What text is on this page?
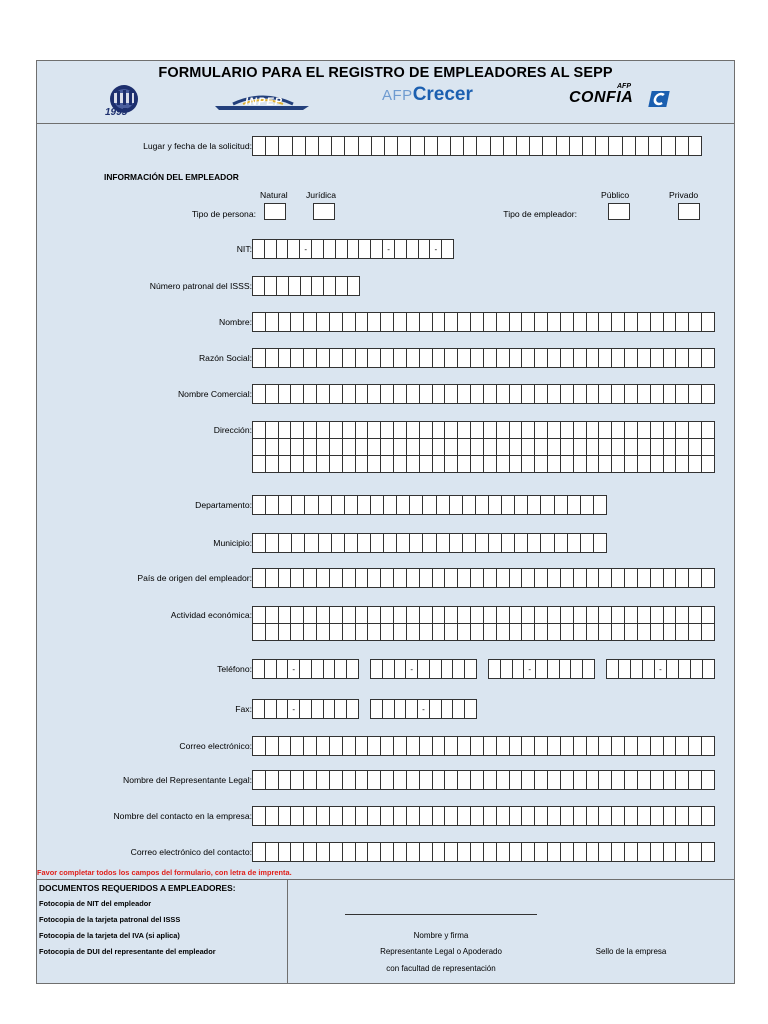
FORMULARIO PARA EL REGISTRO DE EMPLEADORES AL SEPP
1995
INPEP	AFPCrecer	AFP
CONFIA
Lugar y fecha de la solicitud:
INFORMACIÓN DEL EMPLEADOR
Natural Jurídica
Tipo de persona:
Público	Privado
Tipo de empleador:
NIT:	-	-	-
Número patronal del ISSS:
Nombre:
Razón Social:
Nombre Comercial:
Dirección:
Departamento:
Municipio:
País de origen del empleador:
Actividad económica:
Teléfono:	-	-	-	-
Fax:	-	-
Correo electrónico:
Nombre del Representante Legal:
Nombre del contacto en la empresa:
Correo electrónico del contacto:
Favor completar todos los campos del formulario, con letra de imprenta.
DOCUMENTOS REQUERIDOS A EMPLEADORES:
Fotocopia de NIT del empleador
Fotocopia de la tarjeta patronal del ISSS
Fotocopia de la tarjeta del IVA (si aplica)
Fotocopia de DUI del representante del empleador
Nombre y firma
Representante Legal o Apoderado
con facultad de representación
Sello de la empresa
